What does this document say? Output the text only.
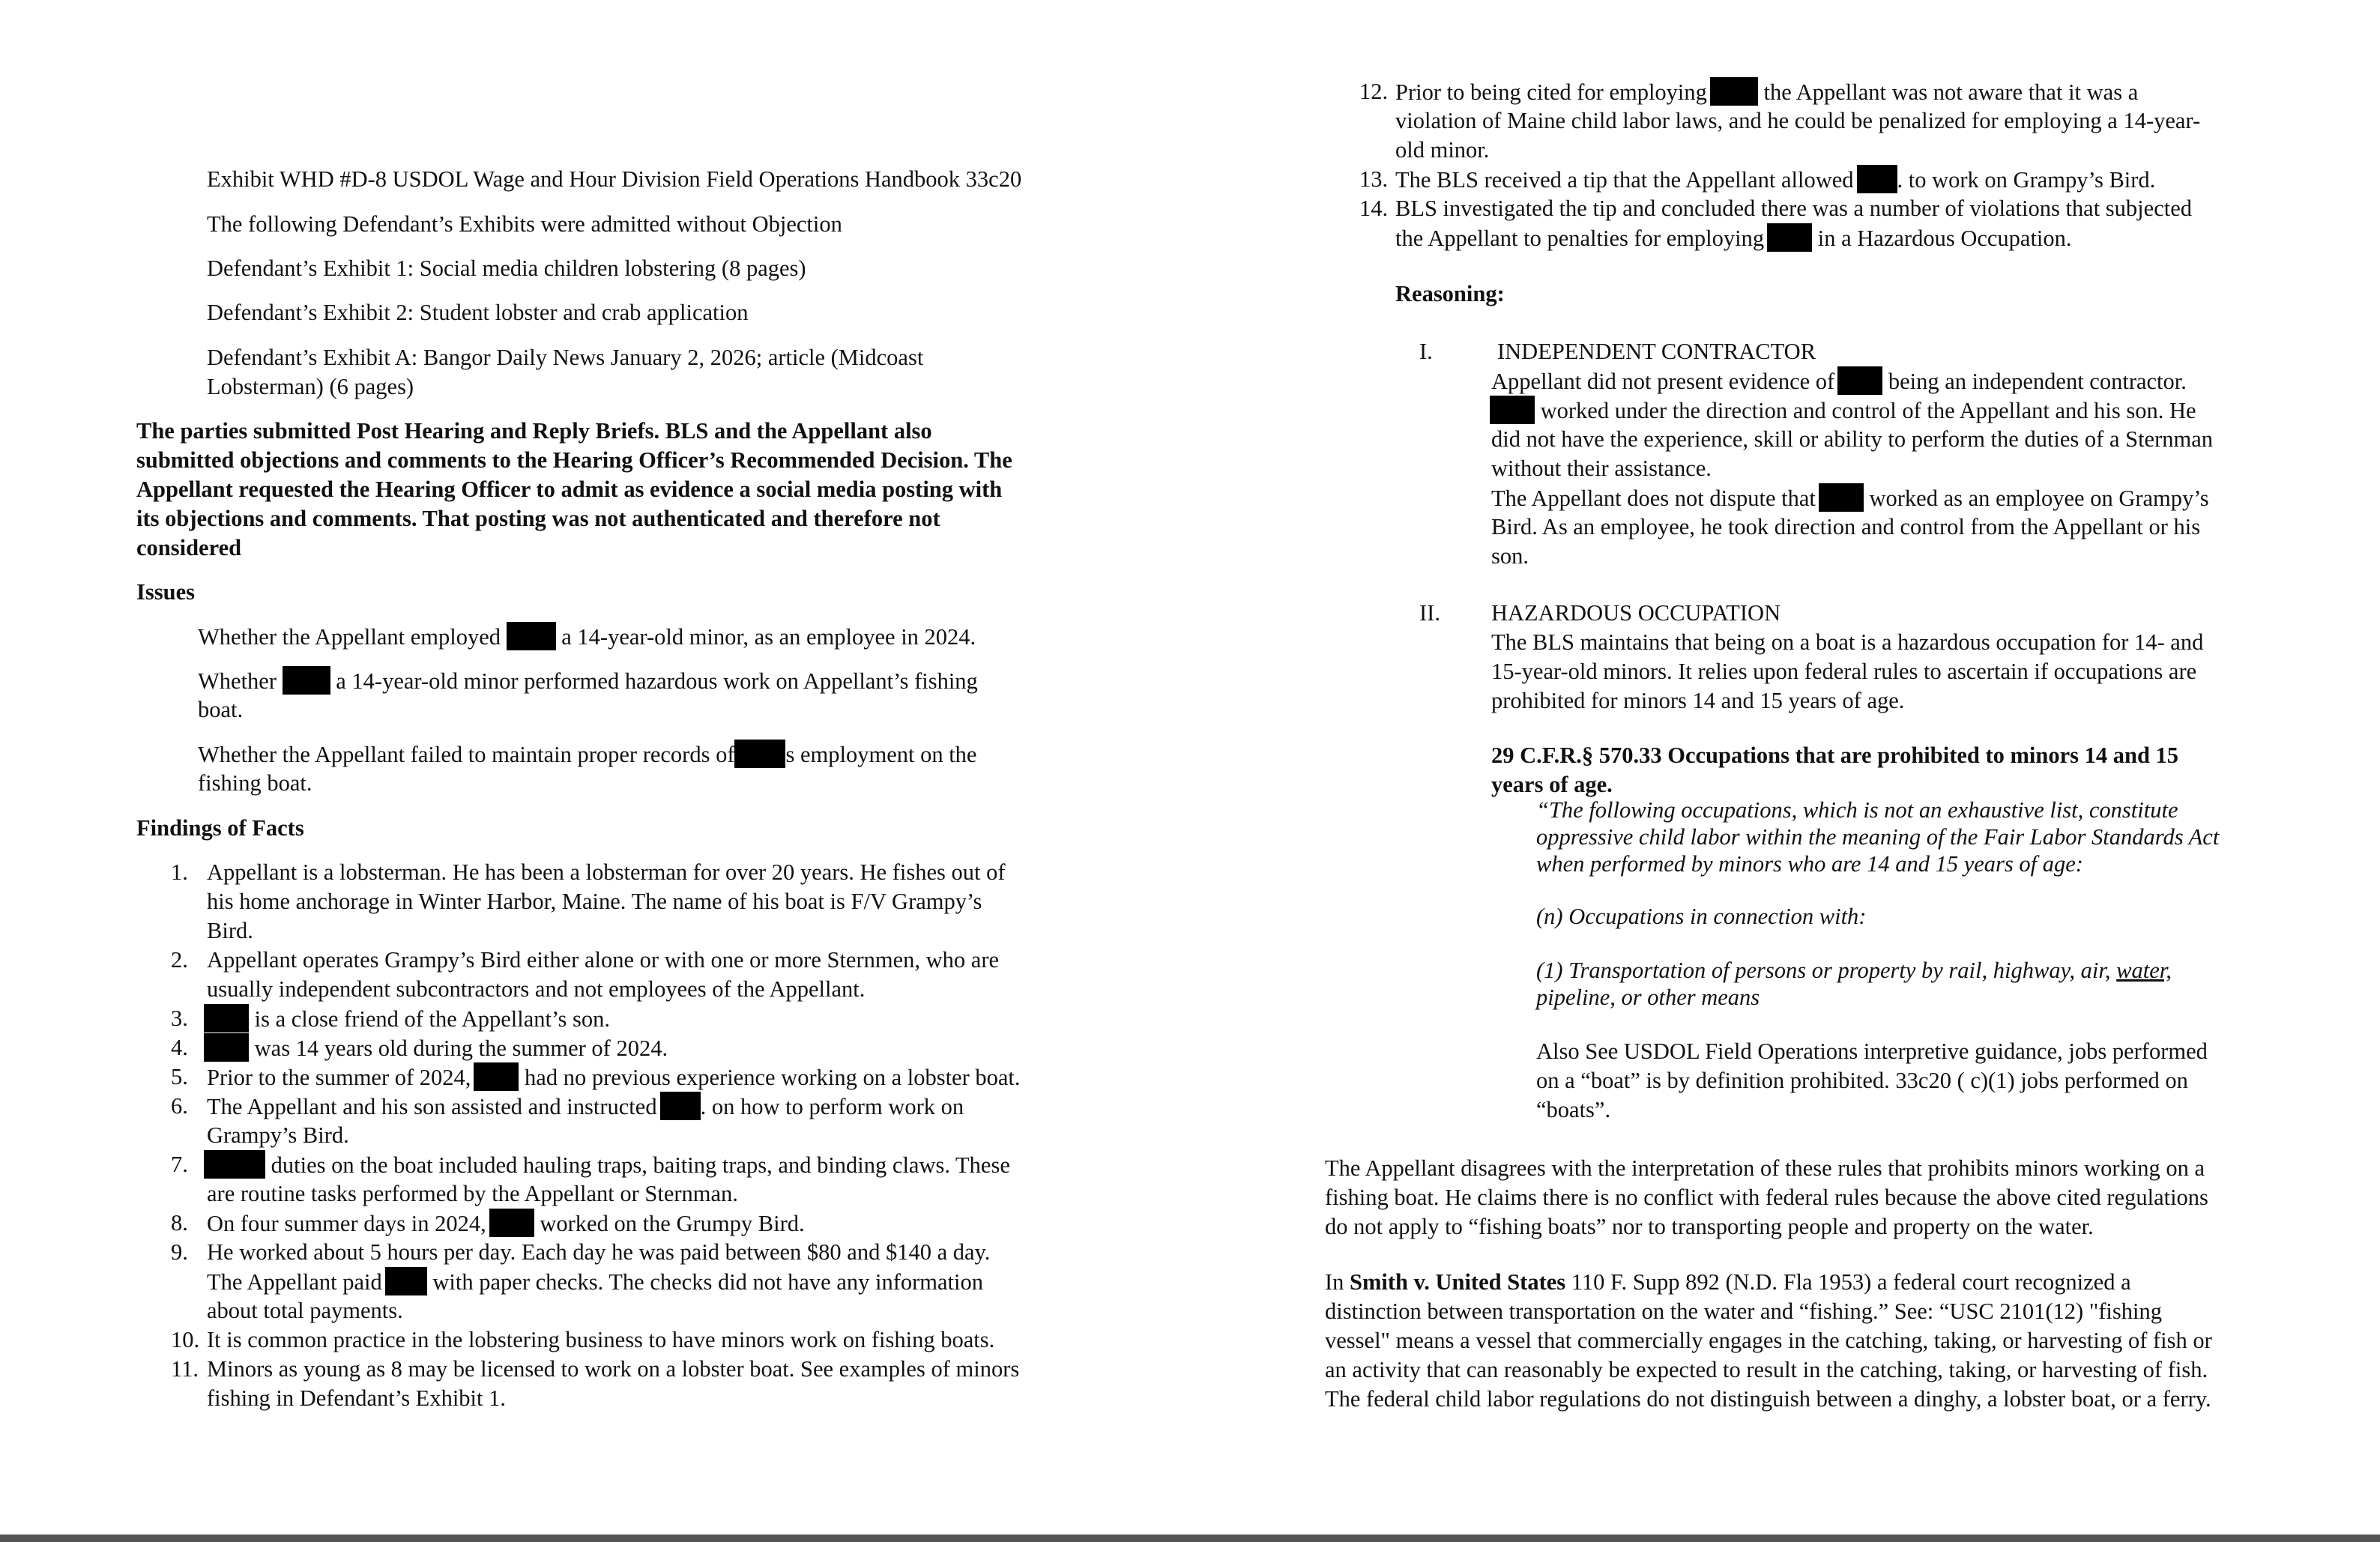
Exhibit WHD #D-8 USDOL Wage and Hour Division Field Operations Handbook 33c20

The following Defendant’s Exhibits were admitted without Objection

Defendant’s Exhibit 1: Social media children lobstering (8 pages)

Defendant’s Exhibit 2: Student lobster and crab application

Defendant’s Exhibit A: Bangor Daily News January 2, 2026; article (Midcoast

Lobsterman) (6 pages)

The parties submitted Post Hearing and Reply Briefs. BLS and the Appellant also

submitted objections and comments to the Hearing Officer’s Recommended Decision. The

Appellant requested the Hearing Officer to admit as evidence a social media posting with

its objections and comments. That posting was not authenticated and therefore not

considered

Issues

Whether the Appellant employed	a 14-year-old minor, as an employee in 2024.

Whether	a 14-year-old minor performed hazardous work on Appellant’s fishing

boat.

Whether the Appellant failed to maintain proper records of s employment on the

fishing boat.

Findings of Facts

1. Appellant is a lobsterman. He has been a lobsterman for over 20 years. He fishes out of

his home anchorage in Winter Harbor, Maine. The name of his boat is F/V Grampy’s

Bird.

2. Appellant operates Grampy’s Bird either alone or with one or more Sternmen, who are

usually independent subcontractors and not employees of the Appellant.

3.	is a close friend of the Appellant’s son.

4.	was 14 years old during the summer of 2024.

5. Prior to the summer of 2024, had no previous experience working on a lobster boat.

6. The Appellant and his son assisted and instructed . on how to perform work on

Grampy’s Bird.

7.	duties on the boat included hauling traps, baiting traps, and binding claws. These

are routine tasks performed by the Appellant or Sternman.

8. On four summer days in 2024, worked on the Grumpy Bird.

9. He worked about 5 hours per day. Each day he was paid between $80 and $140 a day.

The Appellant paid with paper checks. The checks did not have any information

about total payments.

10. It is common practice in the lobstering business to have minors work on fishing boats.

11. Minors as young as 8 may be licensed to work on a lobster boat. See examples of minors

fishing in Defendant’s Exhibit 1.

12. Prior to being cited for employing the Appellant was not aware that it was a

violation of Maine child labor laws, and he could be penalized for employing a 14-year-

old minor.

13. The BLS received a tip that the Appellant allowed . to work on Grampy’s Bird.

14. BLS investigated the tip and concluded there was a number of violations that subjected

the Appellant to penalties for employing in a Hazardous Occupation.

Reasoning:

I.	INDEPENDENT CONTRACTOR

Appellant did not present evidence of being an independent contractor.

worked under the direction and control of the Appellant and his son. He

did not have the experience, skill or ability to perform the duties of a Sternman

without their assistance.

The Appellant does not dispute that worked as an employee on Grampy’s

Bird. As an employee, he took direction and control from the Appellant or his

son.

II. HAZARDOUS OCCUPATION

The BLS maintains that being on a boat is a hazardous occupation for 14- and

15-year-old minors. It relies upon federal rules to ascertain if occupations are

prohibited for minors 14 and 15 years of age.

29 C.F.R.§ 570.33 Occupations that are prohibited to minors 14 and 15

years of age.

“The following occupations, which is not an exhaustive list, constitute

oppressive child labor within the meaning of the Fair Labor Standards Act

when performed by minors who are 14 and 15 years of age:

(n) Occupations in connection with:

(1) Transportation of persons or property by rail, highway, air, water,

pipeline, or other means

Also See USDOL Field Operations interpretive guidance, jobs performed

on a “boat” is by definition prohibited. 33c20 ( c)(1) jobs performed on

“boats”.

The Appellant disagrees with the interpretation of these rules that prohibits minors working on a

fishing boat. He claims there is no conflict with federal rules because the above cited regulations

do not apply to “fishing boats” nor to transporting people and property on the water.

In Smith v. United States 110 F. Supp 892 (N.D. Fla 1953) a federal court recognized a

distinction between transportation on the water and “fishing.” See: “USC 2101(12) "fishing

vessel" means a vessel that commercially engages in the catching, taking, or harvesting of fish or

an activity that can reasonably be expected to result in the catching, taking, or harvesting of fish.

The federal child labor regulations do not distinguish between a dinghy, a lobster boat, or a ferry.
